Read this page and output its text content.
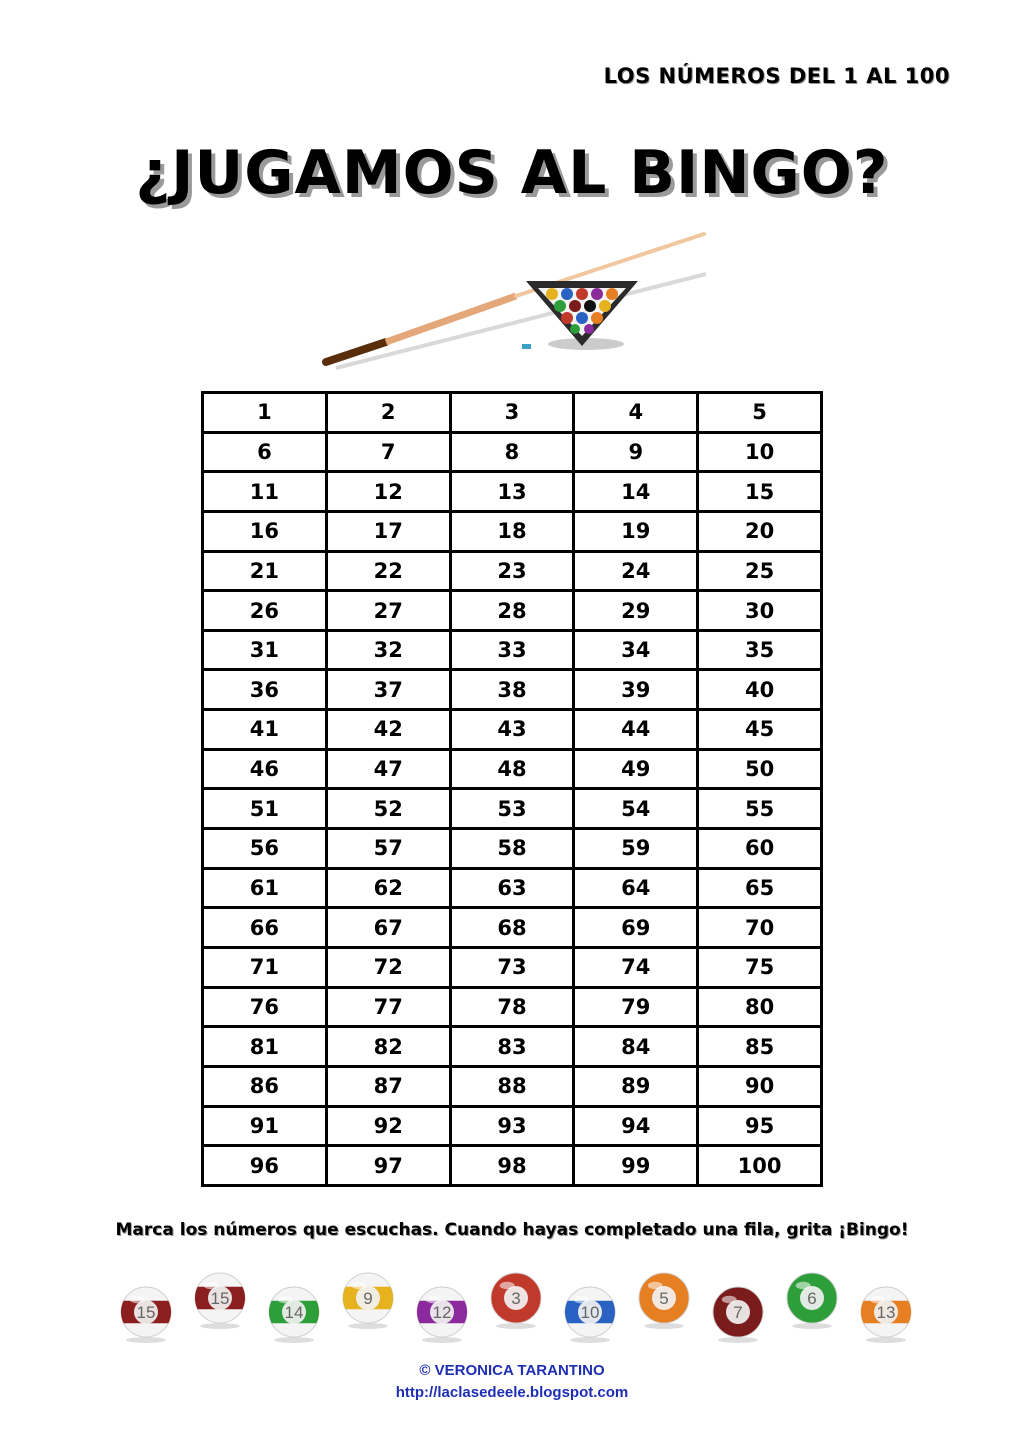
LOS NÚMEROS DEL 1 AL 100
¿JUGAMOS AL BINGO?
1	2	3	4	5
6	7	8	9	10
11	12	13	14	15
16	17	18	19	20
21	22	23	24	25
26	27	28	29	30
31	32	33	34	35
36	37	38	39	40
41	42	43	44	45
46	47	48	49	50
51	52	53	54	55
56	57	58	59	60
61	62	63	64	65
66	67	68	69	70
71	72	73	74	75
76	77	78	79	80
81	82	83	84	85
86	87	88	89	90
91	92	93	94	95
96	97	98	99	100
Marca los números que escuchas. Cuando hayas completado una fila, grita ¡Bingo!
15
15
14
9
12
3
10
5
7
6
13
© VERONICA TARANTINO
http://laclasedeele.blogspot.com
